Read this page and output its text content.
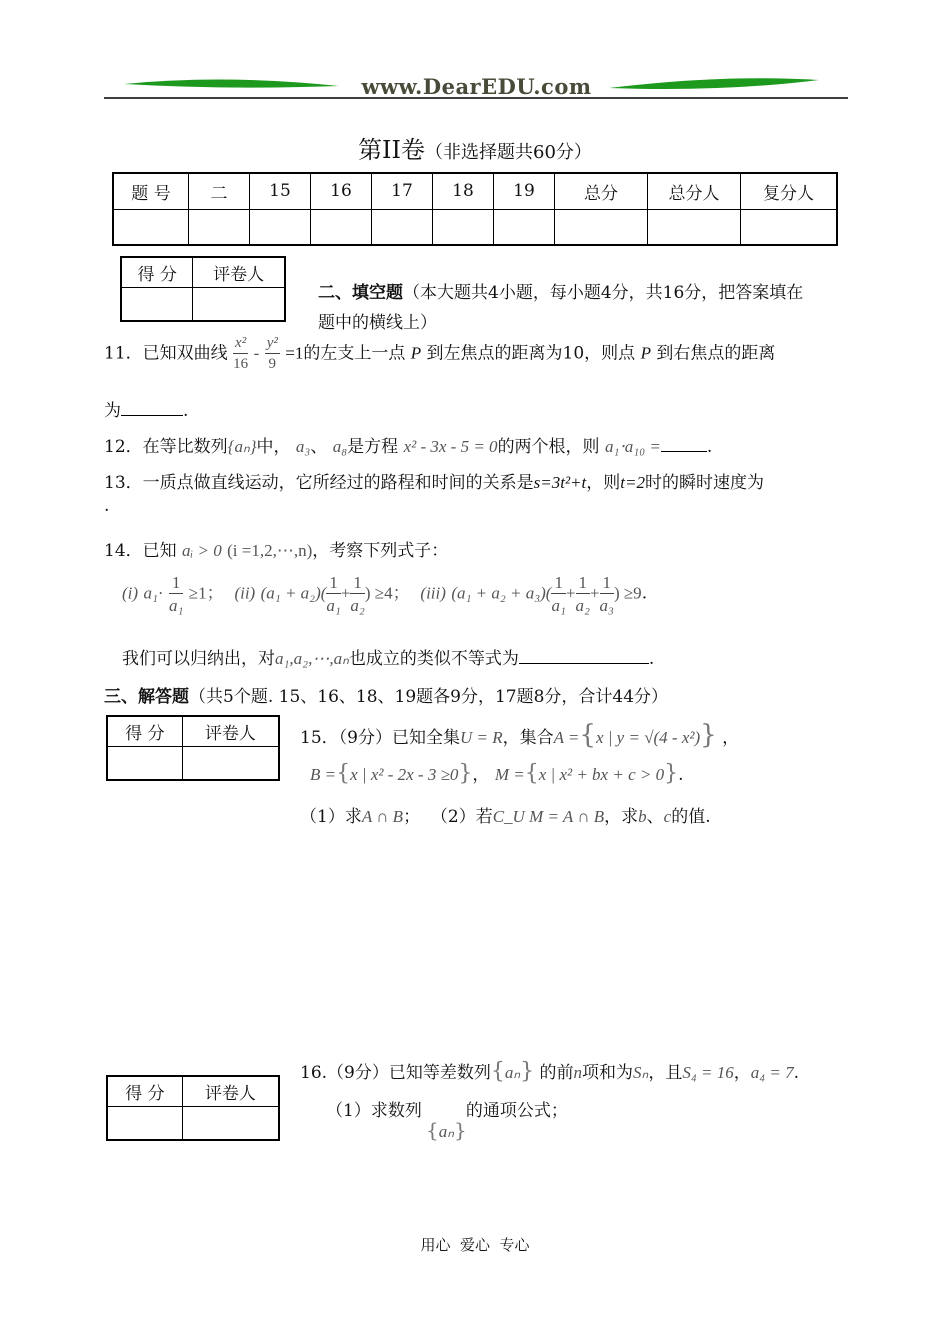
www.DearEDU.com
第II卷（非选择题共60分）
题 号	二	15	16	17	18	19	总分	总分人	复分人

得 分	评卷人

二、填空题（本大题共4小题，每小题4分，共16分，把答案填在
题中的横线上）
11．已知双曲线 $\frac{\text{x²}}{16} - \frac{\text{y²}}{9} =1$的左支上一点 P 到左焦点的距离为10，则点 P 到右焦点的距离
为	.
12．在等比数列{aₙ}中， a₃、 a₈是方程 x² - 3x - 5 = 0的两个根，则 a₁⋅a₁₀ =	.
13．一质点做直线运动，它所经过的路程和时间的关系是s=3t²+t，则t=2时的瞬时速度为
.
14．已知 aᵢ > 0 (i =1,2,⋯,n)，考察下列式子：
(i) $a_1\cdot \frac{1}{\text{a₁}} \ge 1$； (ii) $(a_1 + a_2)( \frac{1}{\text{a₁}} + \frac{1}{\text{a₂}}$ ) ≥4； (iii) $(a_1 + a_2 + a_3)( \frac{1}{\text{a₁}} + \frac{1}{\text{a₂}} + \frac{1}{\text{a₃}}$ ) ≥9.
我们可以归纳出，对a₁,a₂,⋯,aₙ也成立的类似不等式为	.
三、解答题（共5个题. 15、16、18、19题各9分，17题8分，合计44分）
得 分	评卷人
		15．（9分）已知全集U = R，集合A ={x | y = √(4 - x²)} ，
B ={x | x² - 2x - 3 ≥0}， M ={x | x² + bx + c > 0}.
（1）求A ∩ B； （2）若C_U M = A ∩ B，求b、c的值.
16.（9分）已知等差数列{aₙ} 的前n项和为Sₙ，且S₄ = 16，a₄ = 7.
（1）求数列	的通项公式；
{aₙ}
得 分	评卷人

用心  爱心  专心
